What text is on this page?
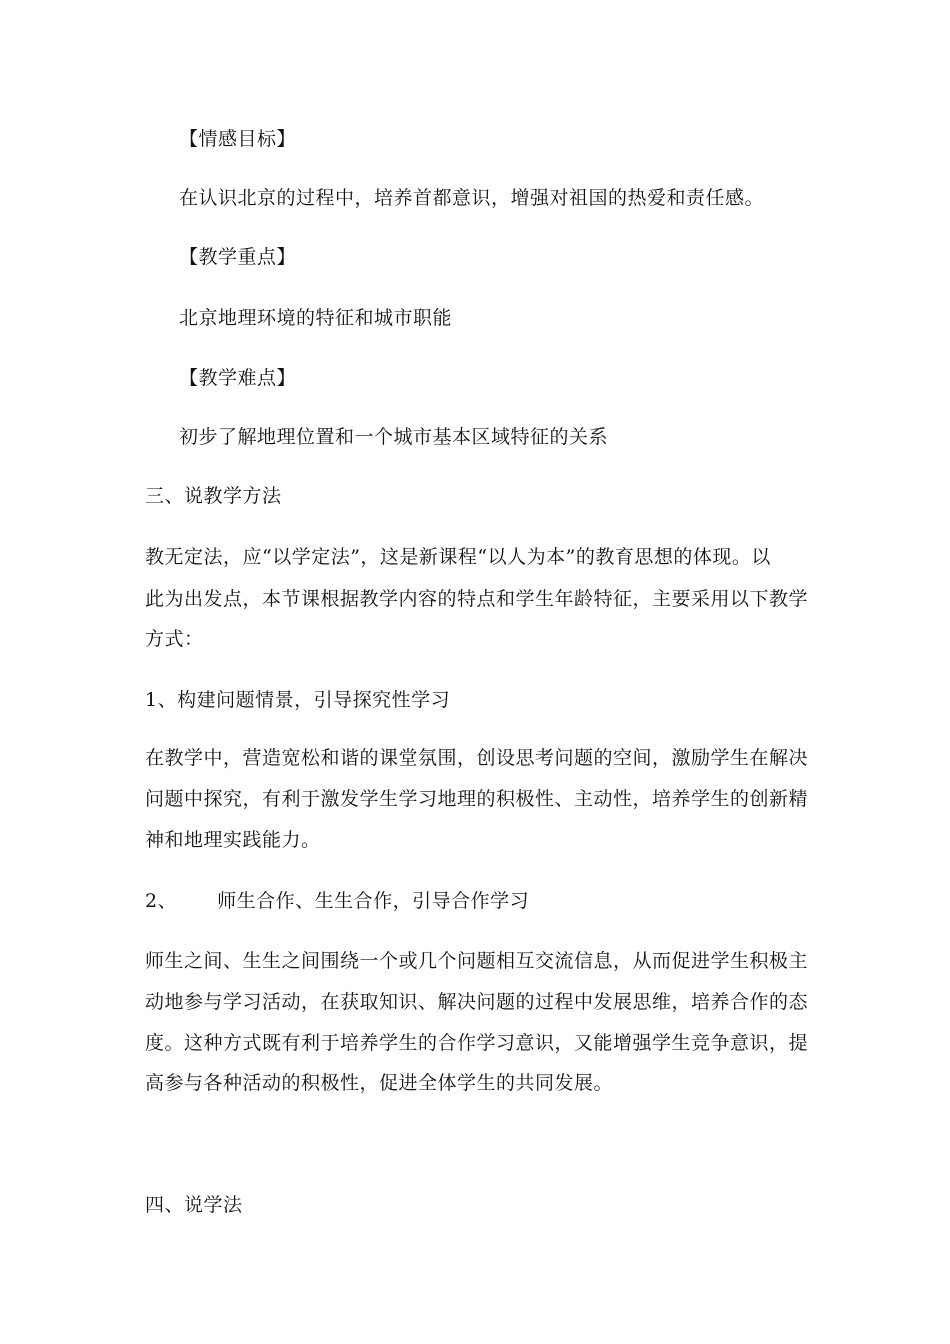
【情感目标】
在认识北京的过程中，培养首都意识，增强对祖国的热爱和责任感。
【教学重点】
北京地理环境的特征和城市职能
【教学难点】
初步了解地理位置和一个城市基本区域特征的关系
三、说教学方法
教无定法，应“以学定法”，这是新课程“以人为本”的教育思想的体现。以
此为出发点，本节课根据教学内容的特点和学生年龄特征，主要采用以下教学
方式：
1、构建问题情景，引导探究性学习
在教学中，营造宽松和谐的课堂氛围，创设思考问题的空间，激励学生在解决
问题中探究，有利于激发学生学习地理的积极性、主动性，培养学生的创新精
神和地理实践能力。
2、 师生合作、生生合作，引导合作学习
师生之间、生生之间围绕一个或几个问题相互交流信息，从而促进学生积极主
动地参与学习活动，在获取知识、解决问题的过程中发展思维，培养合作的态
度。这种方式既有利于培养学生的合作学习意识，又能增强学生竞争意识，提
高参与各种活动的积极性，促进全体学生的共同发展。
四、说学法
